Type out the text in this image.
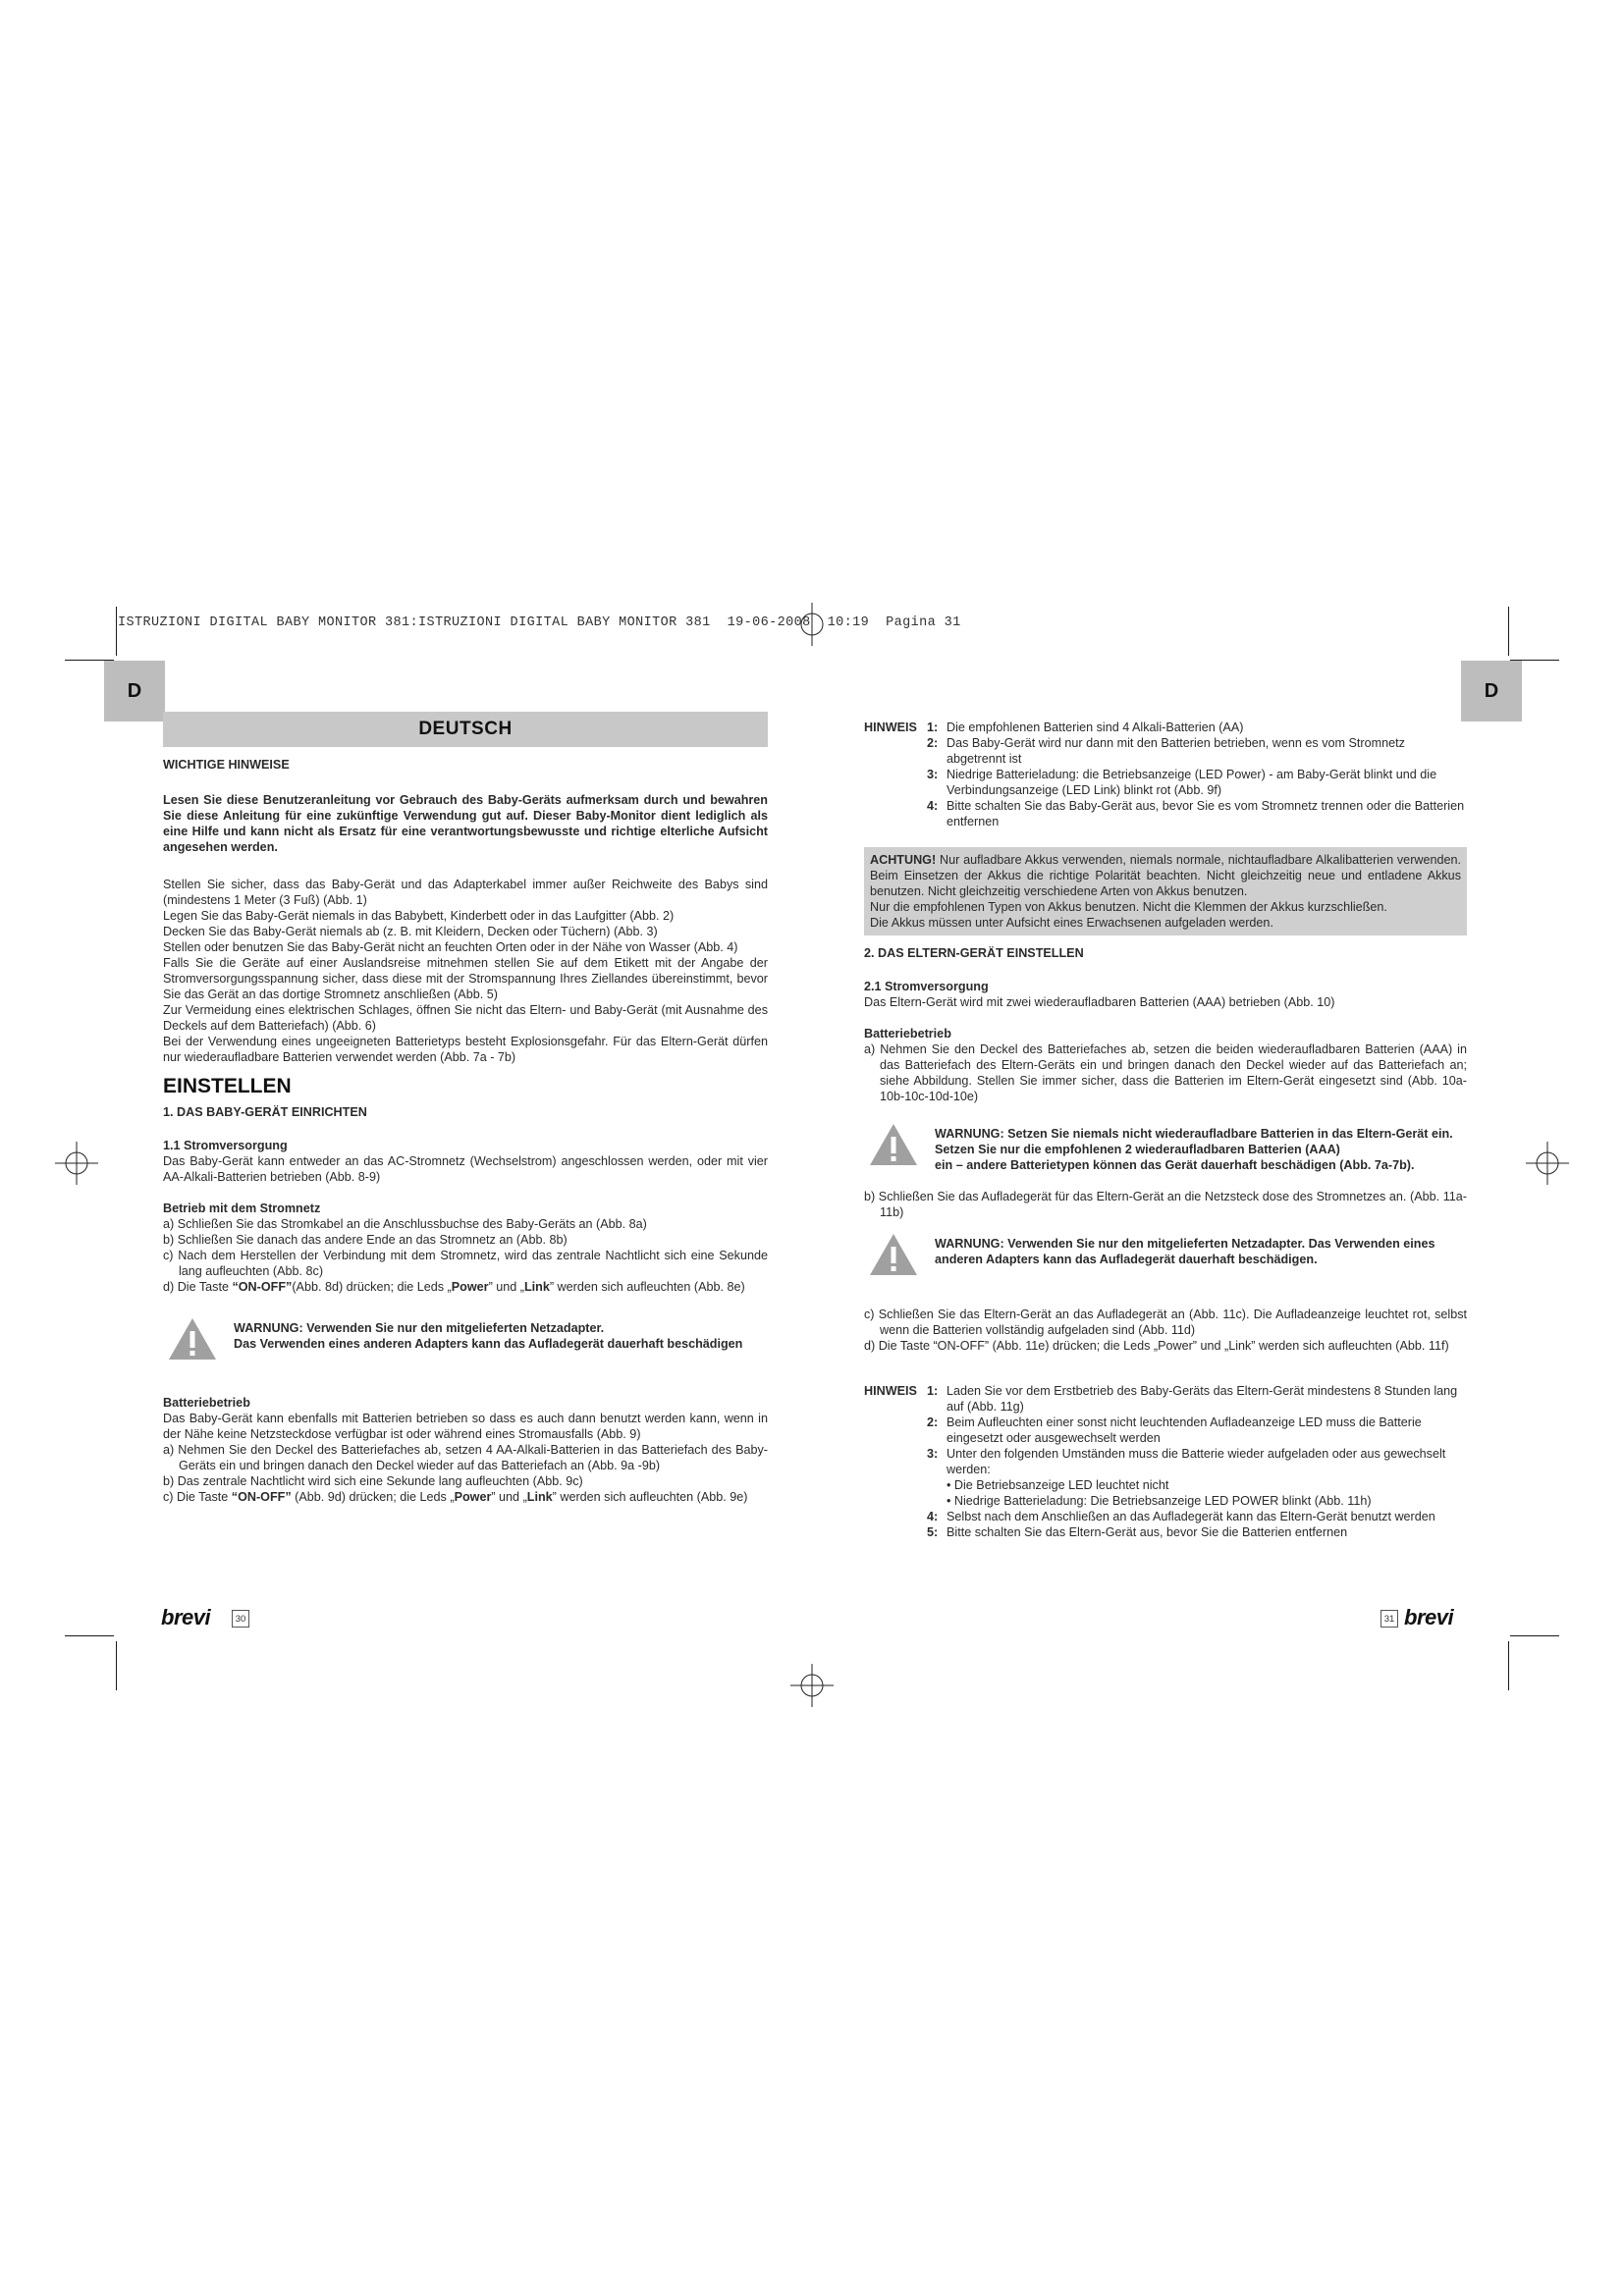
ISTRUZIONI DIGITAL BABY MONITOR 381:ISTRUZIONI DIGITAL BABY MONITOR 381  19-06-2008  10:19  Pagina 31
D	D
DEUTSCH

WICHTIGE HINWEISE

Lesen Sie diese Benutzeranleitung vor Gebrauch des Baby-Geräts aufmerksam durch und bewahren Sie diese Anleitung für eine zukünftige Verwendung gut auf. Dieser Baby-Monitor dient lediglich als eine Hilfe und kann nicht als Ersatz für eine verantwortungsbewusste und richtige elterliche Aufsicht angesehen werden.

Stellen Sie sicher, dass das Baby-Gerät und das Adapterkabel immer außer Reichweite des Babys sind (mindestens 1 Meter (3 Fuß) (Abb. 1)

Legen Sie das Baby-Gerät niemals in das Babybett, Kinderbett oder in das Laufgitter (Abb. 2)

Decken Sie das Baby-Gerät niemals ab (z. B. mit Kleidern, Decken oder Tüchern) (Abb. 3)

Stellen oder benutzen Sie das Baby-Gerät nicht an feuchten Orten oder in der Nähe von Wasser (Abb. 4)

Falls Sie die Geräte auf einer Auslandsreise mitnehmen stellen Sie auf dem Etikett mit der Angabe der Stromversorgungsspannung sicher, dass diese mit der Stromspannung Ihres Ziellandes übereinstimmt, bevor Sie das Gerät an das dortige Stromnetz anschließen (Abb. 5)

Zur Vermeidung eines elektrischen Schlages, öffnen Sie nicht das Eltern- und Baby-Gerät (mit Ausnahme des Deckels auf dem Batteriefach) (Abb. 6)

Bei der Verwendung eines ungeeigneten Batterietyps besteht Explosionsgefahr. Für das Eltern-Gerät dürfen nur wiederaufladbare Batterien verwendet werden (Abb. 7a - 7b)

EINSTELLEN

1. DAS BABY-GERÄT EINRICHTEN

1.1 Stromversorgung

Das Baby-Gerät kann entweder an das AC-Stromnetz (Wechselstrom) angeschlossen werden, oder mit vier AA-Alkali-Batterien betrieben (Abb. 8-9)

Betrieb mit dem Stromnetz

a) Schließen Sie das Stromkabel an die Anschlussbuchse des Baby-Geräts an (Abb. 8a)

b) Schließen Sie danach das andere Ende an das Stromnetz an (Abb. 8b)

c) Nach dem Herstellen der Verbindung mit dem Stromnetz, wird das zentrale Nachtlicht sich eine Sekunde lang aufleuchten (Abb. 8c)

d) Die Taste “ON-OFF”(Abb. 8d) drücken; die Leds „Power” und „Link” werden sich aufleuchten (Abb. 8e)

WARNUNG: Verwenden Sie nur den mitgelieferten Netzadapter.
Das Verwenden eines anderen Adapters kann das Aufladegerät dauerhaft beschädigen

Batteriebetrieb

Das Baby-Gerät kann ebenfalls mit Batterien betrieben so dass es auch dann benutzt werden kann, wenn in der Nähe keine Netzsteckdose verfügbar ist oder während eines Stromausfalls (Abb. 9)

a) Nehmen Sie den Deckel des Batteriefaches ab, setzen 4 AA-Alkali-Batterien in das Batteriefach des Baby-Geräts ein und bringen danach den Deckel wieder auf das Batteriefach an (Abb. 9a -9b)

b) Das zentrale Nachtlicht wird sich eine Sekunde lang aufleuchten (Abb. 9c)

c) Die Taste “ON-OFF” (Abb. 9d) drücken; die Leds „Power” und „Link” werden sich aufleuchten (Abb. 9e)

brevi	30
HINWEIS 1: Die empfohlenen Batterien sind 4 Alkali-Batterien (AA)
2: Das Baby-Gerät wird nur dann mit den Batterien betrieben, wenn es vom Stromnetz abgetrennt ist
3: Niedrige Batterieladung: die Betriebsanzeige (LED Power) - am Baby-Gerät blinkt und die Verbindungsanzeige (LED Link) blinkt rot (Abb. 9f)
4: Bitte schalten Sie das Baby-Gerät aus, bevor Sie es vom Stromnetz trennen oder die Batterien entfernen

ACHTUNG! Nur aufladbare Akkus verwenden, niemals normale, nichtaufladbare Alkalibatterien verwenden. Beim Einsetzen der Akkus die richtige Polarität beachten. Nicht gleichzeitig neue und entladene Akkus benutzen. Nicht gleichzeitig verschiedene Arten von Akkus benutzen.

Nur die empfohlenen Typen von Akkus benutzen. Nicht die Klemmen der Akkus kurzschließen.

Die Akkus müssen unter Aufsicht eines Erwachsenen aufgeladen werden.

2. DAS ELTERN-GERÄT EINSTELLEN

2.1 Stromversorgung

Das Eltern-Gerät wird mit zwei wiederaufladbaren Batterien (AAA) betrieben (Abb. 10)

Batteriebetrieb

a) Nehmen Sie den Deckel des Batteriefaches ab, setzen die beiden wiederaufladbaren Batterien (AAA) in das Batteriefach des Eltern-Geräts ein und bringen danach den Deckel wieder auf das Batteriefach an; siehe Abbildung. Stellen Sie immer sicher, dass die Batterien im Eltern-Gerät eingesetzt sind (Abb. 10a-10b-10c-10d-10e)

WARNUNG: Setzen Sie niemals nicht wiederaufladbare Batterien in das Eltern-Gerät ein.
Setzen Sie nur die empfohlenen 2 wiederaufladbaren Batterien (AAA)
ein – andere Batterietypen können das Gerät dauerhaft beschädigen (Abb. 7a-7b).

b) Schließen Sie das Aufladegerät für das Eltern-Gerät an die Netzsteck dose des Stromnetzes an. (Abb. 11a-11b)

WARNUNG: Verwenden Sie nur den mitgelieferten Netzadapter. Das Verwenden eines
anderen Adapters kann das Aufladegerät dauerhaft beschädigen.

c) Schließen Sie das Eltern-Gerät an das Aufladegerät an (Abb. 11c). Die Aufladeanzeige leuchtet rot, selbst wenn die Batterien vollständig aufgeladen sind (Abb. 11d)

d) Die Taste “ON-OFF” (Abb. 11e) drücken; die Leds „Power” und „Link” werden sich aufleuchten (Abb. 11f)

HINWEIS 1: Laden Sie vor dem Erstbetrieb des Baby-Geräts das Eltern-Gerät mindestens 8 Stunden lang auf (Abb. 11g)
2: Beim Aufleuchten einer sonst nicht leuchtenden Aufladeanzeige LED muss die Batterie eingesetzt oder ausgewechselt werden
3: Unter den folgenden Umständen muss die Batterie wieder aufgeladen oder aus gewechselt werden:
• Die Betriebsanzeige LED leuchtet nicht
• Niedrige Batterieladung: Die Betriebsanzeige LED POWER blinkt (Abb. 11h)
4: Selbst nach dem Anschließen an das Aufladegerät kann das Eltern-Gerät benutzt werden
5: Bitte schalten Sie das Eltern-Gerät aus, bevor Sie die Batterien entfernen
31 brevi
